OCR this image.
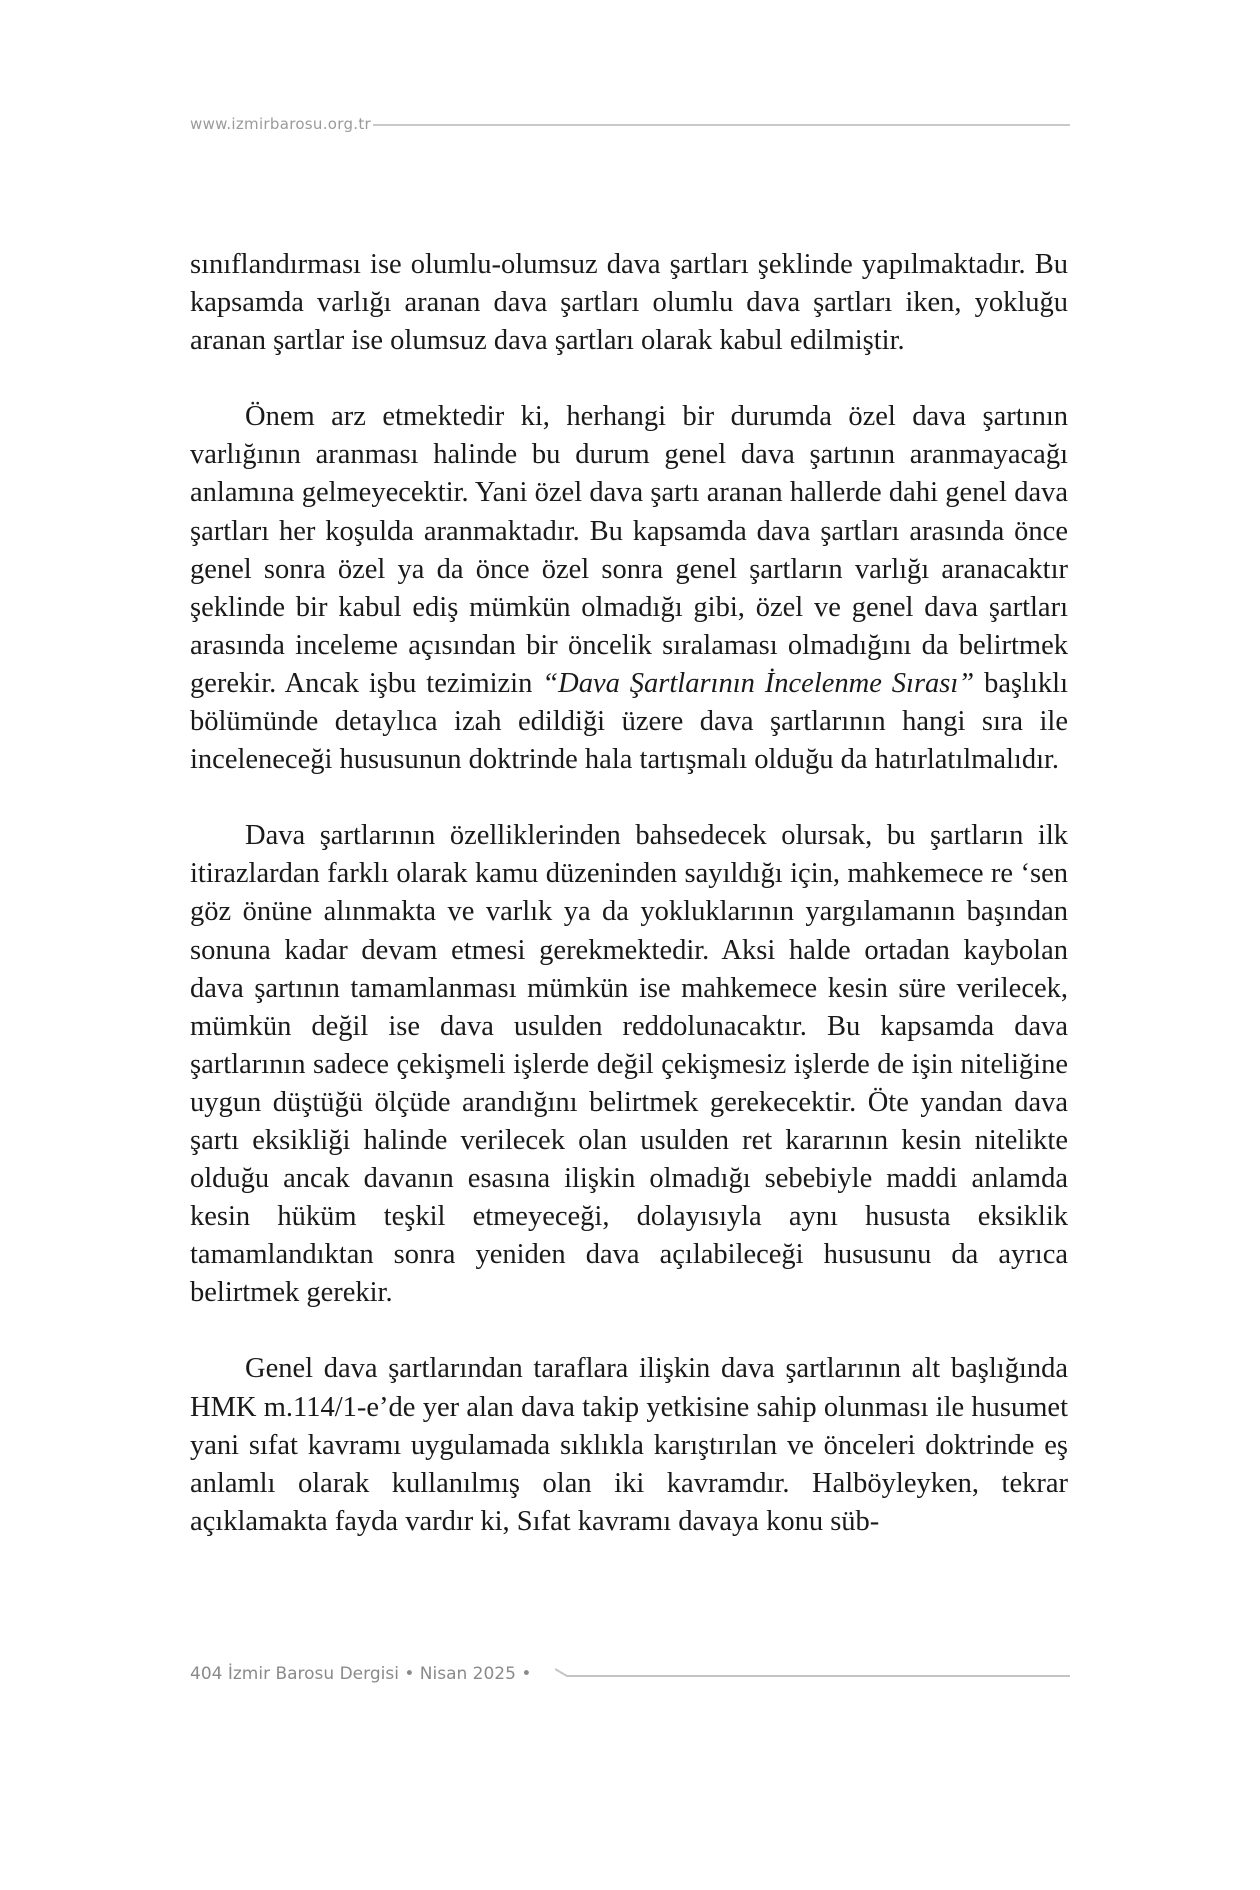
www.izmirbarosu.org.tr

sınıflandırması ise olumlu-olumsuz dava şartları şeklinde yapılmaktadır. Bu kapsamda varlığı aranan dava şartları olumlu dava şartları iken, yokluğu aranan şartlar ise olumsuz dava şartları olarak kabul edilmiştir.

Önem arz etmektedir ki, herhangi bir durumda özel dava şartının varlığının aranması halinde bu durum genel dava şartının aranmayacağı anlamına gelmeyecektir. Yani özel dava şartı aranan hallerde dahi genel dava şartları her koşulda aranmaktadır. Bu kapsamda dava şartları arasında önce genel sonra özel ya da önce özel sonra genel şartların varlığı aranacaktır şeklinde bir kabul ediş mümkün olmadığı gibi, özel ve genel dava şartları arasında inceleme açısından bir öncelik sıralaması olmadığını da belirtmek gerekir. Ancak işbu tezimizin “Dava Şartlarının İncelenme Sırası” başlıklı bölümünde detaylıca izah edildiği üzere dava şartlarının hangi sıra ile inceleneceği hususunun doktrinde hala tartışmalı olduğu da hatırlatılmalıdır.

Dava şartlarının özelliklerinden bahsedecek olursak, bu şartların ilk itirazlardan farklı olarak kamu düzeninden sayıldığı için, mahkemece re ‘sen göz önüne alınmakta ve varlık ya da yokluklarının yargılamanın başından sonuna kadar devam etmesi gerekmektedir. Aksi halde ortadan kaybolan dava şartının tamamlanması mümkün ise mahkemece kesin süre verilecek, mümkün değil ise dava usulden reddolunacaktır. Bu kapsamda dava şartlarının sadece çekişmeli işlerde değil çekişmesiz işlerde de işin niteliğine uygun düştüğü ölçüde arandığını belirtmek gerekecektir. Öte yandan dava şartı eksikliği halinde verilecek olan usulden ret kararının kesin nitelikte olduğu ancak davanın esasına ilişkin olmadığı sebebiyle maddi anlamda kesin hüküm teşkil etmeyeceği, dolayısıyla aynı hususta eksiklik tamamlandıktan sonra yeniden dava açılabileceği hususunu da ayrıca belirtmek gerekir.

Genel dava şartlarından taraflara ilişkin dava şartlarının alt başlığında HMK m.114/1-e’de yer alan dava takip yetkisine sahip olunması ile husumet yani sıfat kavramı uygulamada sıklıkla karıştırılan ve önceleri doktrinde eş anlamlı olarak kullanılmış olan iki kavramdır. Halböyleyken, tekrar açıklamakta fayda vardır ki, Sıfat kavramı davaya konu süb-

404 İzmir Barosu Dergisi • Nisan 2025 •
